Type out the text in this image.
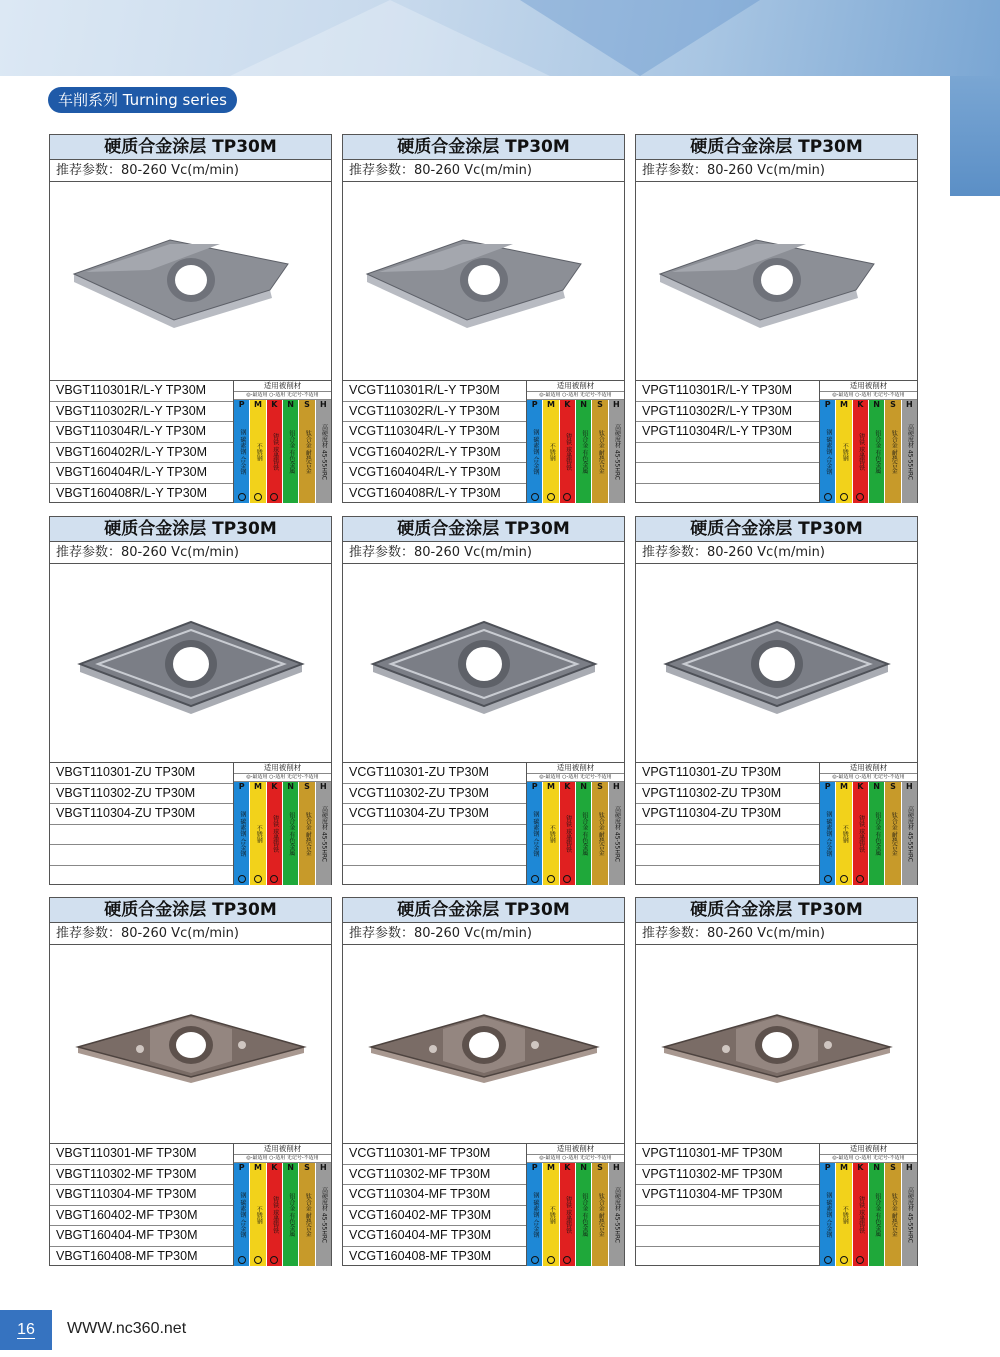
车削系列 Turning series
硬质合金涂层 TP30M
推荐参数：80-260 Vc(m/min)
VBGT110301R/L-Y TP30M
VBGT110302R/L-Y TP30M
VBGT110304R/L-Y TP30M
VBGT160402R/L-Y TP30M
VBGT160404R/L-Y TP30M
VBGT160408R/L-Y TP30M
适用被削材
◎-最适用 ○-适用 无记号-不适用
P
钢 碳素钢 合金钢
M
不锈钢
K
铸铁 球墨铸铁
N
铝合金 有色金属
S
钛合金 耐热合金
H
高硬度材 45-55HRC
硬质合金涂层 TP30M
推荐参数：80-260 Vc(m/min)
VCGT110301R/L-Y TP30M
VCGT110302R/L-Y TP30M
VCGT110304R/L-Y TP30M
VCGT160402R/L-Y TP30M
VCGT160404R/L-Y TP30M
VCGT160408R/L-Y TP30M
适用被削材
◎-最适用 ○-适用 无记号-不适用
P
钢 碳素钢 合金钢
M
不锈钢
K
铸铁 球墨铸铁
N
铝合金 有色金属
S
钛合金 耐热合金
H
高硬度材 45-55HRC
硬质合金涂层 TP30M
推荐参数：80-260 Vc(m/min)
VPGT110301R/L-Y TP30M
VPGT110302R/L-Y TP30M
VPGT110304R/L-Y TP30M
适用被削材
◎-最适用 ○-适用 无记号-不适用
P
钢 碳素钢 合金钢
M
不锈钢
K
铸铁 球墨铸铁
N
铝合金 有色金属
S
钛合金 耐热合金
H
高硬度材 45-55HRC
硬质合金涂层 TP30M
推荐参数：80-260 Vc(m/min)
VBGT110301-ZU TP30M
VBGT110302-ZU TP30M
VBGT110304-ZU TP30M
适用被削材
◎-最适用 ○-适用 无记号-不适用
P
钢 碳素钢 合金钢
M
不锈钢
K
铸铁 球墨铸铁
N
铝合金 有色金属
S
钛合金 耐热合金
H
高硬度材 45-55HRC
硬质合金涂层 TP30M
推荐参数：80-260 Vc(m/min)
VCGT110301-ZU TP30M
VCGT110302-ZU TP30M
VCGT110304-ZU TP30M
适用被削材
◎-最适用 ○-适用 无记号-不适用
P
钢 碳素钢 合金钢
M
不锈钢
K
铸铁 球墨铸铁
N
铝合金 有色金属
S
钛合金 耐热合金
H
高硬度材 45-55HRC
硬质合金涂层 TP30M
推荐参数：80-260 Vc(m/min)
VPGT110301-ZU TP30M
VPGT110302-ZU TP30M
VPGT110304-ZU TP30M
适用被削材
◎-最适用 ○-适用 无记号-不适用
P
钢 碳素钢 合金钢
M
不锈钢
K
铸铁 球墨铸铁
N
铝合金 有色金属
S
钛合金 耐热合金
H
高硬度材 45-55HRC
硬质合金涂层 TP30M
推荐参数：80-260 Vc(m/min)
VBGT110301-MF TP30M
VBGT110302-MF TP30M
VBGT110304-MF TP30M
VBGT160402-MF TP30M
VBGT160404-MF TP30M
VBGT160408-MF TP30M
适用被削材
◎-最适用 ○-适用 无记号-不适用
P
钢 碳素钢 合金钢
M
不锈钢
K
铸铁 球墨铸铁
N
铝合金 有色金属
S
钛合金 耐热合金
H
高硬度材 45-55HRC
硬质合金涂层 TP30M
推荐参数：80-260 Vc(m/min)
VCGT110301-MF TP30M
VCGT110302-MF TP30M
VCGT110304-MF TP30M
VCGT160402-MF TP30M
VCGT160404-MF TP30M
VCGT160408-MF TP30M
适用被削材
◎-最适用 ○-适用 无记号-不适用
P
钢 碳素钢 合金钢
M
不锈钢
K
铸铁 球墨铸铁
N
铝合金 有色金属
S
钛合金 耐热合金
H
高硬度材 45-55HRC
硬质合金涂层 TP30M
推荐参数：80-260 Vc(m/min)
VPGT110301-MF TP30M
VPGT110302-MF TP30M
VPGT110304-MF TP30M
适用被削材
◎-最适用 ○-适用 无记号-不适用
P
钢 碳素钢 合金钢
M
不锈钢
K
铸铁 球墨铸铁
N
铝合金 有色金属
S
钛合金 耐热合金
H
高硬度材 45-55HRC
16	WWW.nc360.net
